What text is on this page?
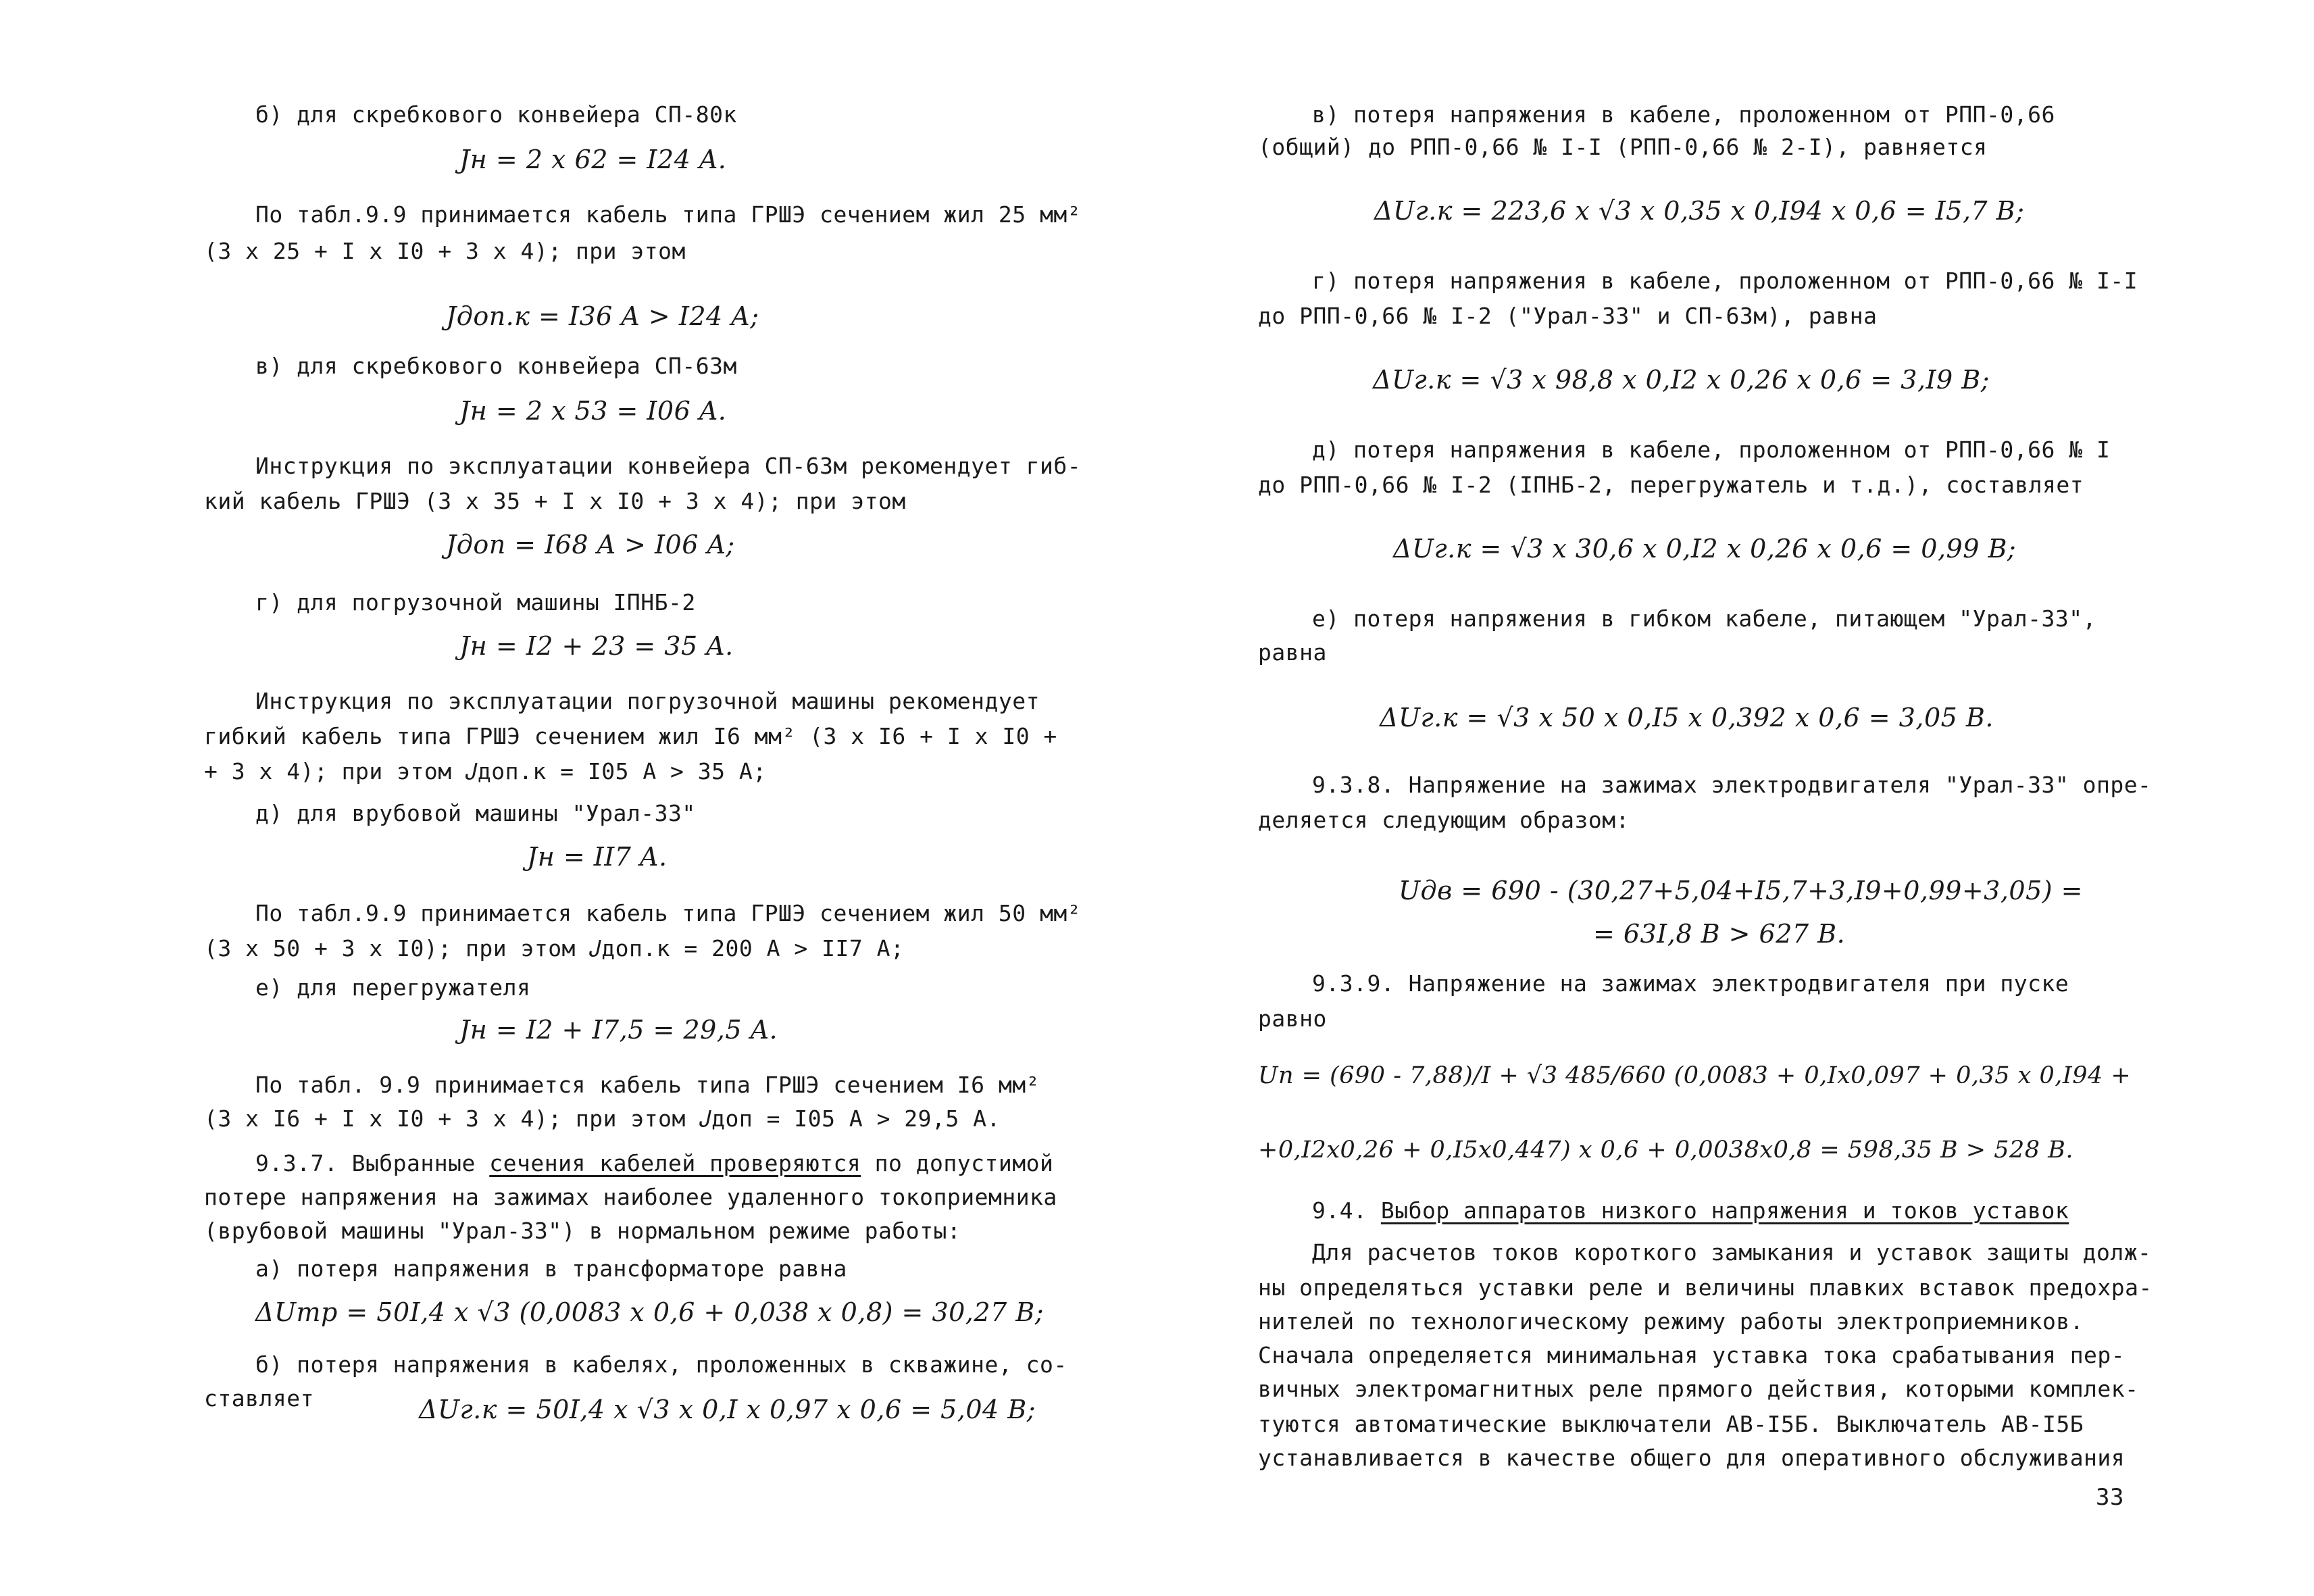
б) для скребкового конвейера СП-80к
𝐽н = 2 x 62 = I24 A.
По табл.9.9 принимается кабель типа ГРШЭ сечением жил 25 мм²
(3 x 25 + I x I0 + 3 x 4); при этом
𝐽доп.к = I36 A > I24 A;
в) для скребкового конвейера СП-63м
𝐽н = 2 x 53 = I06 A.
Инструкция по эксплуатации конвейера СП-63м рекомендует гиб-
кий кабель ГРШЭ (3 x 35 + I x I0 + 3 x 4); при этом
𝐽доп = I68 A > I06 A;
г) для погрузочной машины IПНБ-2
𝐽н = I2 + 23 = 35 A.
Инструкция по эксплуатации погрузочной машины рекомендует
гибкий кабель типа ГРШЭ сечением жил I6 мм² (3 x I6 + I x I0 +
+ 3 x 4); при этом 𝐽доп.к = I05 A > 35 A;
д) для врубовой машины "Урал-33"
𝐽н = II7 A.
По табл.9.9 принимается кабель типа ГРШЭ сечением жил 50 мм²
(3 x 50 + 3 x I0); при этом 𝐽доп.к = 200 A > II7 A;
е) для перегружателя
𝐽н = I2 + I7,5 = 29,5 A.
По табл. 9.9 принимается кабель типа ГРШЭ сечением I6 мм²
(3 x I6 + I x I0 + 3 x 4); при этом 𝐽доп = I05 A > 29,5 A.
9.3.7. Выбранные сечения кабелей проверяются по допустимой
потере напряжения на зажимах наиболее удаленного токоприемника
(врубовой машины "Урал-33") в нормальном режиме работы:
а) потеря напряжения в трансформаторе равна
Δ𝑈тр = 50I,4 x √3 (0,0083 x 0,6 + 0,038 x 0,8) = 30,27 B;
б) потеря напряжения в кабелях, проложенных в скважине, со-
ставляет	Δ𝑈г.к = 50I,4 x √3 x 0,I x 0,97 x 0,6 = 5,04 B;
в) потеря напряжения в кабеле, проложенном от РПП-0,66
(общий) до РПП-0,66 № I-I (РПП-0,66 № 2-I), равняется
Δ𝑈г.к = 223,6 x √3 x 0,35 x 0,I94 x 0,6 = I5,7 B;
г) потеря напряжения в кабеле, проложенном от РПП-0,66 № I-I
до РПП-0,66 № I-2 ("Урал-33" и СП-63м), равна
Δ𝑈г.к = √3 x 98,8 x 0,I2 x 0,26 x 0,6 = 3,I9 B;
д) потеря напряжения в кабеле, проложенном от РПП-0,66 № I
до РПП-0,66 № I-2 (IПНБ-2, перегружатель и т.д.), составляет
Δ𝑈г.к = √3 x 30,6 x 0,I2 x 0,26 x 0,6 = 0,99 B;
е) потеря напряжения в гибком кабеле, питающем "Урал-33",
равна
Δ𝑈г.к = √3 x 50 x 0,I5 x 0,392 x 0,6 = 3,05 B.
9.3.8. Напряжение на зажимах электродвигателя "Урал-33" опре-
деляется следующим образом:
𝑈дв = 690 - (30,27+5,04+I5,7+3,I9+0,99+3,05) =
= 63I,8 B > 627 B.
9.3.9. Напряжение на зажимах электродвигателя при пуске
равно
𝑈п = (690 - 7,88)/I + √3 485/660 (0,0083 + 0,Ix0,097 + 0,35 x 0,I94 +
+0,I2x0,26 + 0,I5x0,447) x 0,6 + 0,0038x0,8 = 598,35 B > 528 B.
9.4. Выбор аппаратов низкого напряжения и токов уставок
Для расчетов токов короткого замыкания и уставок защиты долж-
ны определяться уставки реле и величины плавких вставок предохра-
нителей по технологическому режиму работы электроприемников.
Сначала определяется минимальная уставка тока срабатывания пер-
вичных электромагнитных реле прямого действия, которыми комплек-
туются автоматические выключатели АВ-I5Б. Выключатель АВ-I5Б
устанавливается в качестве общего для оперативного обслуживания
33
